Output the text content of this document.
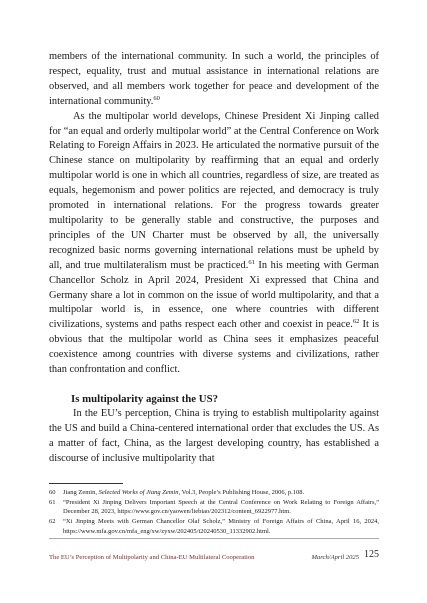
members of the international community. In such a world, the principles of respect, equality, trust and mutual assistance in international relations are observed, and all members work together for peace and development of the international community.$^{60}$

As the multipolar world develops, Chinese President Xi Jinping called for “an equal and orderly multipolar world” at the Central Conference on Work Relating to Foreign Affairs in 2023. He articulated the normative pursuit of the Chinese stance on multipolarity by reaffirming that an equal and orderly multipolar world is one in which all countries, regardless of size, are treated as equals, hegemonism and power politics are rejected, and democracy is truly promoted in international relations. For the progress towards greater multipolarity to be generally stable and constructive, the purposes and principles of the UN Charter must be observed by all, the universally recognized basic norms governing international relations must be upheld by all, and true multilateralism must be practiced.$^{61}$ In his meeting with German Chancellor Scholz in April 2024, President Xi expressed that China and Germany share a lot in common on the issue of world multipolarity, and that a multipolar world is, in essence, one where countries with different civilizations, systems and paths respect each other and coexist in peace.$^{62}$ It is obvious that the multipolar world as China sees it emphasizes peaceful coexistence among countries with diverse systems and civilizations, rather than confrontation and conflict.

Is multipolarity against the US?

In the EU’s perception, China is trying to establish multipolarity against the US and build a China-centered international order that excludes the US. As a matter of fact, China, as the largest developing country, has established a discourse of inclusive multipolarity that

60 Jiang Zemin, Selected Works of Jiang Zemin, Vol.3, People’s Publishing House, 2006, p.108.

61 “President Xi Jinping Delivers Important Speech at the Central Conference on Work Relating to Foreign Affairs,” December 28, 2023, https://www.gov.cn/yaowen/liebiao/202312/content_6922977.htm.

62 “Xi Jinping Meets with German Chancellor Olaf Scholz,” Ministry of Foreign Affairs of China, April 16, 2024, https://www.mfa.gov.cn/mfa_eng/xw/zyxw/202405/t20240530_11332902.html.

The EU’s Perception of Multipolarity and China-EU Multilateral Cooperation	March/April 2025 125
